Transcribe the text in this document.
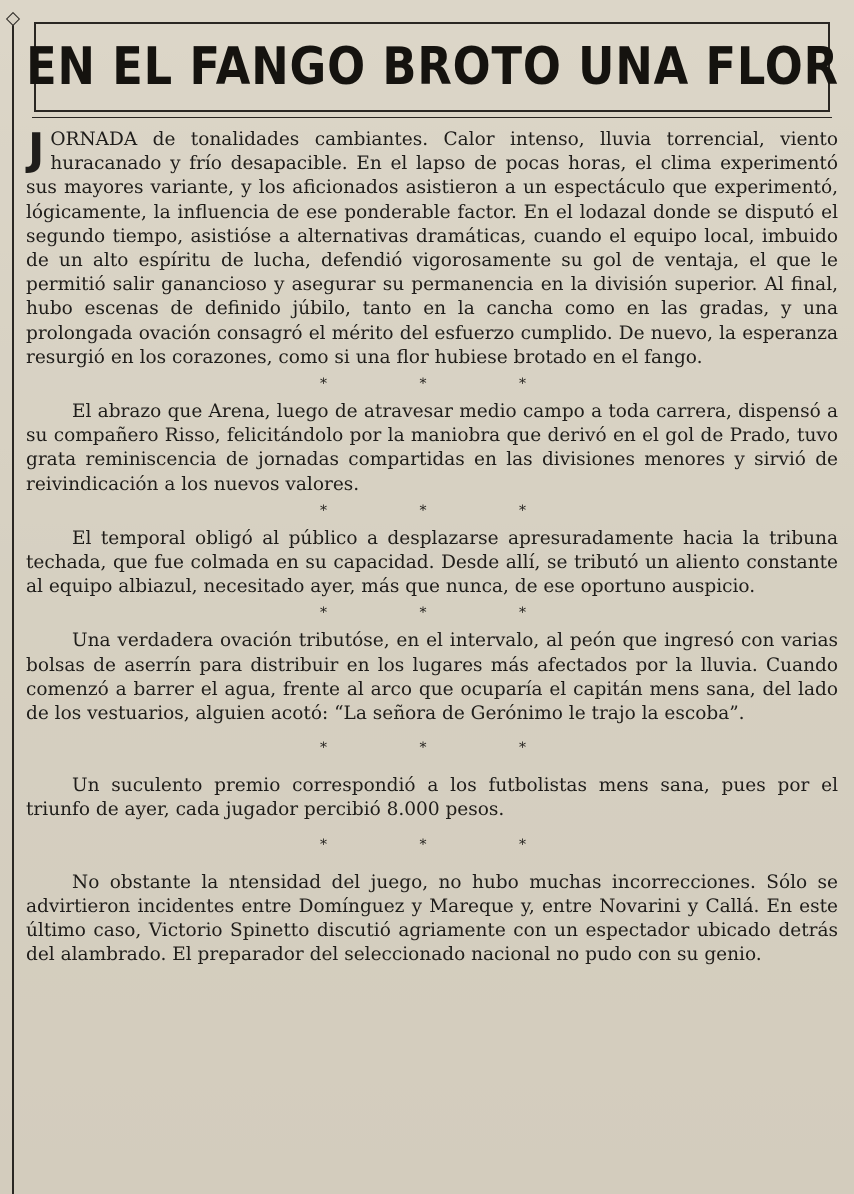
EN EL FANGO BROTO UNA FLOR

JORNADA de tonalidades cambiantes. Calor intenso, lluvia torrencial, viento huracanado y frío desapacible. En el lapso de pocas horas, el clima experimentó sus mayores variante, y los aficionados asistieron a un espectáculo que experimentó, lógicamente, la influencia de ese ponderable factor. En el lodazal donde se disputó el segundo tiempo, asistióse a alternativas dramáticas, cuando el equipo local, imbuido de un alto espíritu de lucha, defendió vigorosamente su gol de ventaja, el que le permitió salir ganancioso y asegurar su permanencia en la división superior. Al final, hubo escenas de definido júbilo, tanto en la cancha como en las gradas, y una prolongada ovación consagró el mérito del esfuerzo cumplido. De nuevo, la esperanza resurgió en los corazones, como si una flor hubiese brotado en el fango.

* * *

El abrazo que Arena, luego de atravesar medio campo a toda carrera, dispensó a su compañero Risso, felicitándolo por la maniobra que derivó en el gol de Prado, tuvo grata reminiscencia de jornadas compartidas en las divisiones menores y sirvió de reivindicación a los nuevos valores.

* * *

El temporal obligó al público a desplazarse apresuradamente hacia la tribuna techada, que fue colmada en su capacidad. Desde allí, se tributó un aliento constante al equipo albiazul, necesitado ayer, más que nunca, de ese oportuno auspicio.

* * *

Una verdadera ovación tributóse, en el intervalo, al peón que ingresó con varias bolsas de aserrín para distribuir en los lugares más afectados por la lluvia. Cuando comenzó a barrer el agua, frente al arco que ocuparía el capitán mens sana, del lado de los vestuarios, alguien acotó: “La señora de Gerónimo le trajo la escoba”.

* * *

Un suculento premio correspondió a los futbolistas mens sana, pues por el triunfo de ayer, cada jugador percibió 8.000 pesos.

* * *

No obstante la ntensidad del juego, no hubo muchas incorrecciones. Sólo se advirtieron incidentes entre Domínguez y Mareque y, entre Novarini y Callá. En este último caso, Victorio Spinetto discutió agriamente con un espectador ubicado detrás del alambrado. El preparador del seleccionado nacional no pudo con su genio.
